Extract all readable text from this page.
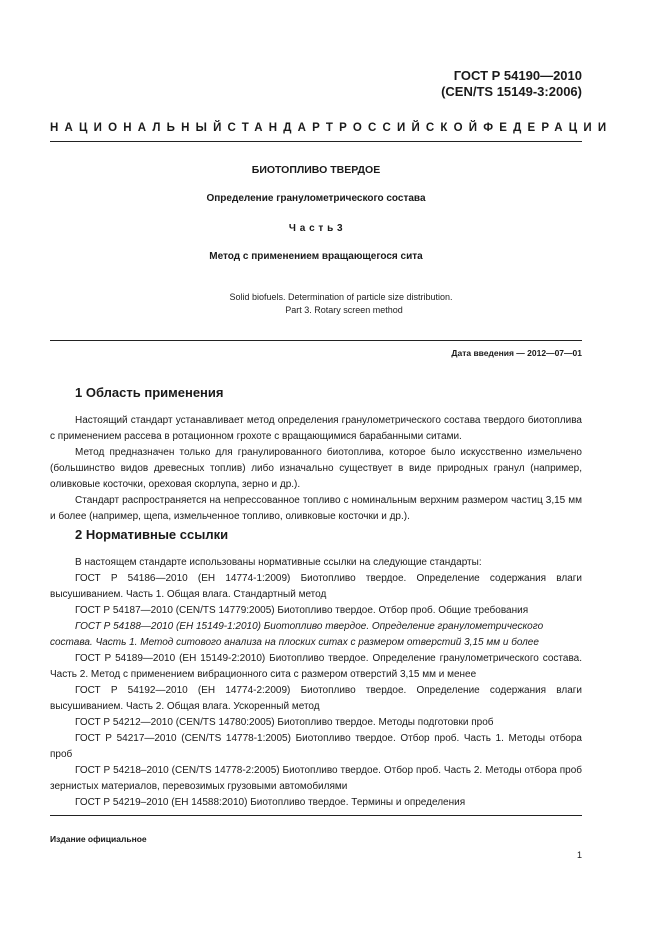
ГОСТ Р 54190—2010
(CEN/TS 15149-3:2006)
НАЦИОНАЛЬНЫЙ СТАНДАРТ РОССИЙСКОЙ ФЕДЕРАЦИИ
БИОТОПЛИВО ТВЕРДОЕ
Определение гранулометрического состава
Ч а с т ь 3
Метод с применением вращающегося сита
Solid biofuels. Determination of particle size distribution.
Part 3. Rotary screen method
Дата введения — 2012—07—01
1 Область применения

Настоящий стандарт устанавливает метод определения гранулометрического состава твердого биотоплива с применением рассева в ротационном грохоте с вращающимися барабанными ситами.

Метод предназначен только для гранулированного биотоплива, которое было искусственно измельчено (большинство видов древесных топлив) либо изначально существует в виде природных гранул (например, оливковые косточки, ореховая скорлупа, зерно и др.).

Стандарт распространяется на непрессованное топливо с номинальным верхним размером частиц 3,15 мм и более (например, щепа, измельченное топливо, оливковые косточки и др.).

2 Нормативные ссылки

В настоящем стандарте использованы нормативные ссылки на следующие стандарты:

ГОСТ Р 54186—2010 (ЕН 14774-1:2009) Биотопливо твердое. Определение содержания влаги высушиванием. Часть 1. Общая влага. Стандартный метод

ГОСТ Р 54187—2010 (CEN/TS 14779:2005) Биотопливо твердое. Отбор проб. Общие требования

ГОСТ Р 54188—2010 (ЕН 15149-1:2010) Биотопливо твердое. Определение гранулометрического состава. Часть 1. Метод ситового анализа на плоских ситах с размером отверстий 3,15 мм и более

ГОСТ Р 54189—2010 (ЕН 15149-2:2010) Биотопливо твердое. Определение гранулометрического состава. Часть 2. Метод с применением вибрационного сита с размером отверстий 3,15 мм и менее

ГОСТ Р 54192—2010 (ЕН 14774-2:2009) Биотопливо твердое. Определение содержания влаги высушиванием. Часть 2. Общая влага. Ускоренный метод

ГОСТ Р 54212—2010 (CEN/TS 14780:2005) Биотопливо твердое. Методы подготовки проб

ГОСТ Р 54217—2010 (CEN/TS 14778-1:2005) Биотопливо твердое. Отбор проб. Часть 1. Методы отбора проб

ГОСТ Р 54218–2010 (CEN/TS 14778-2:2005) Биотопливо твердое. Отбор проб. Часть 2. Методы отбора проб зернистых материалов, перевозимых грузовыми автомобилями

ГОСТ Р 54219–2010 (ЕН 14588:2010) Биотопливо твердое. Термины и определения

Издание официальное
1
